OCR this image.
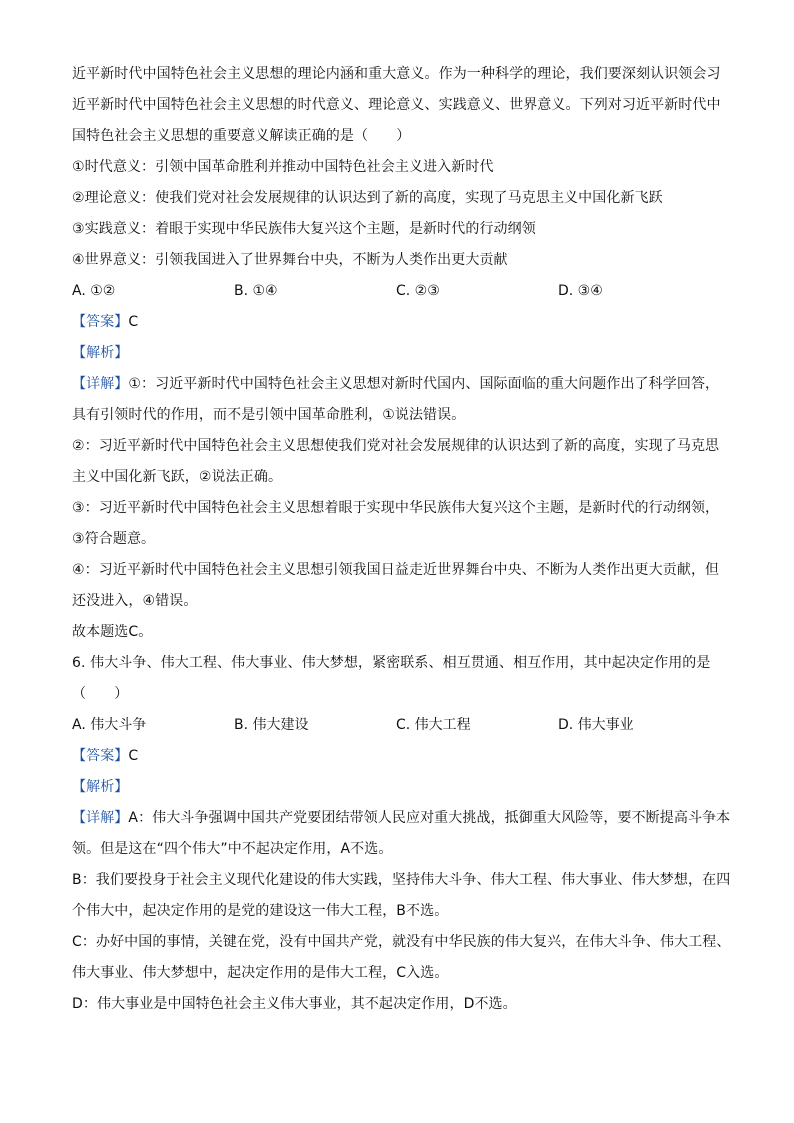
近平新时代中国特色社会主义思想的理论内涵和重大意义。作为一种科学的理论，我们要深刻认识领会习
近平新时代中国特色社会主义思想的时代意义、理论意义、实践意义、世界意义。下列对习近平新时代中
国特色社会主义思想的重要意义解读正确的是（　　）
①时代意义：引领中国革命胜利并推动中国特色社会主义进入新时代
②理论意义：使我们党对社会发展规律的认识达到了新的高度，实现了马克思主义中国化新飞跃
③实践意义：着眼于实现中华民族伟大复兴这个主题，是新时代的行动纲领
④世界意义：引领我国进入了世界舞台中央，不断为人类作出更大贡献
A. ①②	B. ①④	C. ②③	D. ③④
【答案】C
【解析】
【详解】①：习近平新时代中国特色社会主义思想对新时代国内、国际面临的重大问题作出了科学回答，
具有引领时代的作用，而不是引领中国革命胜利，①说法错误。
②：习近平新时代中国特色社会主义思想使我们党对社会发展规律的认识达到了新的高度，实现了马克思
主义中国化新飞跃，②说法正确。
③：习近平新时代中国特色社会主义思想着眼于实现中华民族伟大复兴这个主题，是新时代的行动纲领，
③符合题意。
④：习近平新时代中国特色社会主义思想引领我国日益走近世界舞台中央、不断为人类作出更大贡献，但
还没进入，④错误。
故本题选C。
6. 伟大斗争、伟大工程、伟大事业、伟大梦想，紧密联系、相互贯通、相互作用，其中起决定作用的是
（　　）
A. 伟大斗争	B. 伟大建设	C. 伟大工程	D. 伟大事业
【答案】C
【解析】
【详解】A：伟大斗争强调中国共产党要团结带领人民应对重大挑战，抵御重大风险等，要不断提高斗争本
领。但是这在“四个伟大”中不起决定作用，A不选。
B：我们要投身于社会主义现代化建设的伟大实践，坚持伟大斗争、伟大工程、伟大事业、伟大梦想，在四
个伟大中，起决定作用的是党的建设这一伟大工程，B不选。
C：办好中国的事情，关键在党，没有中国共产党，就没有中华民族的伟大复兴，在伟大斗争、伟大工程、
伟大事业、伟大梦想中，起决定作用的是伟大工程，C入选。
D：伟大事业是中国特色社会主义伟大事业，其不起决定作用，D不选。
